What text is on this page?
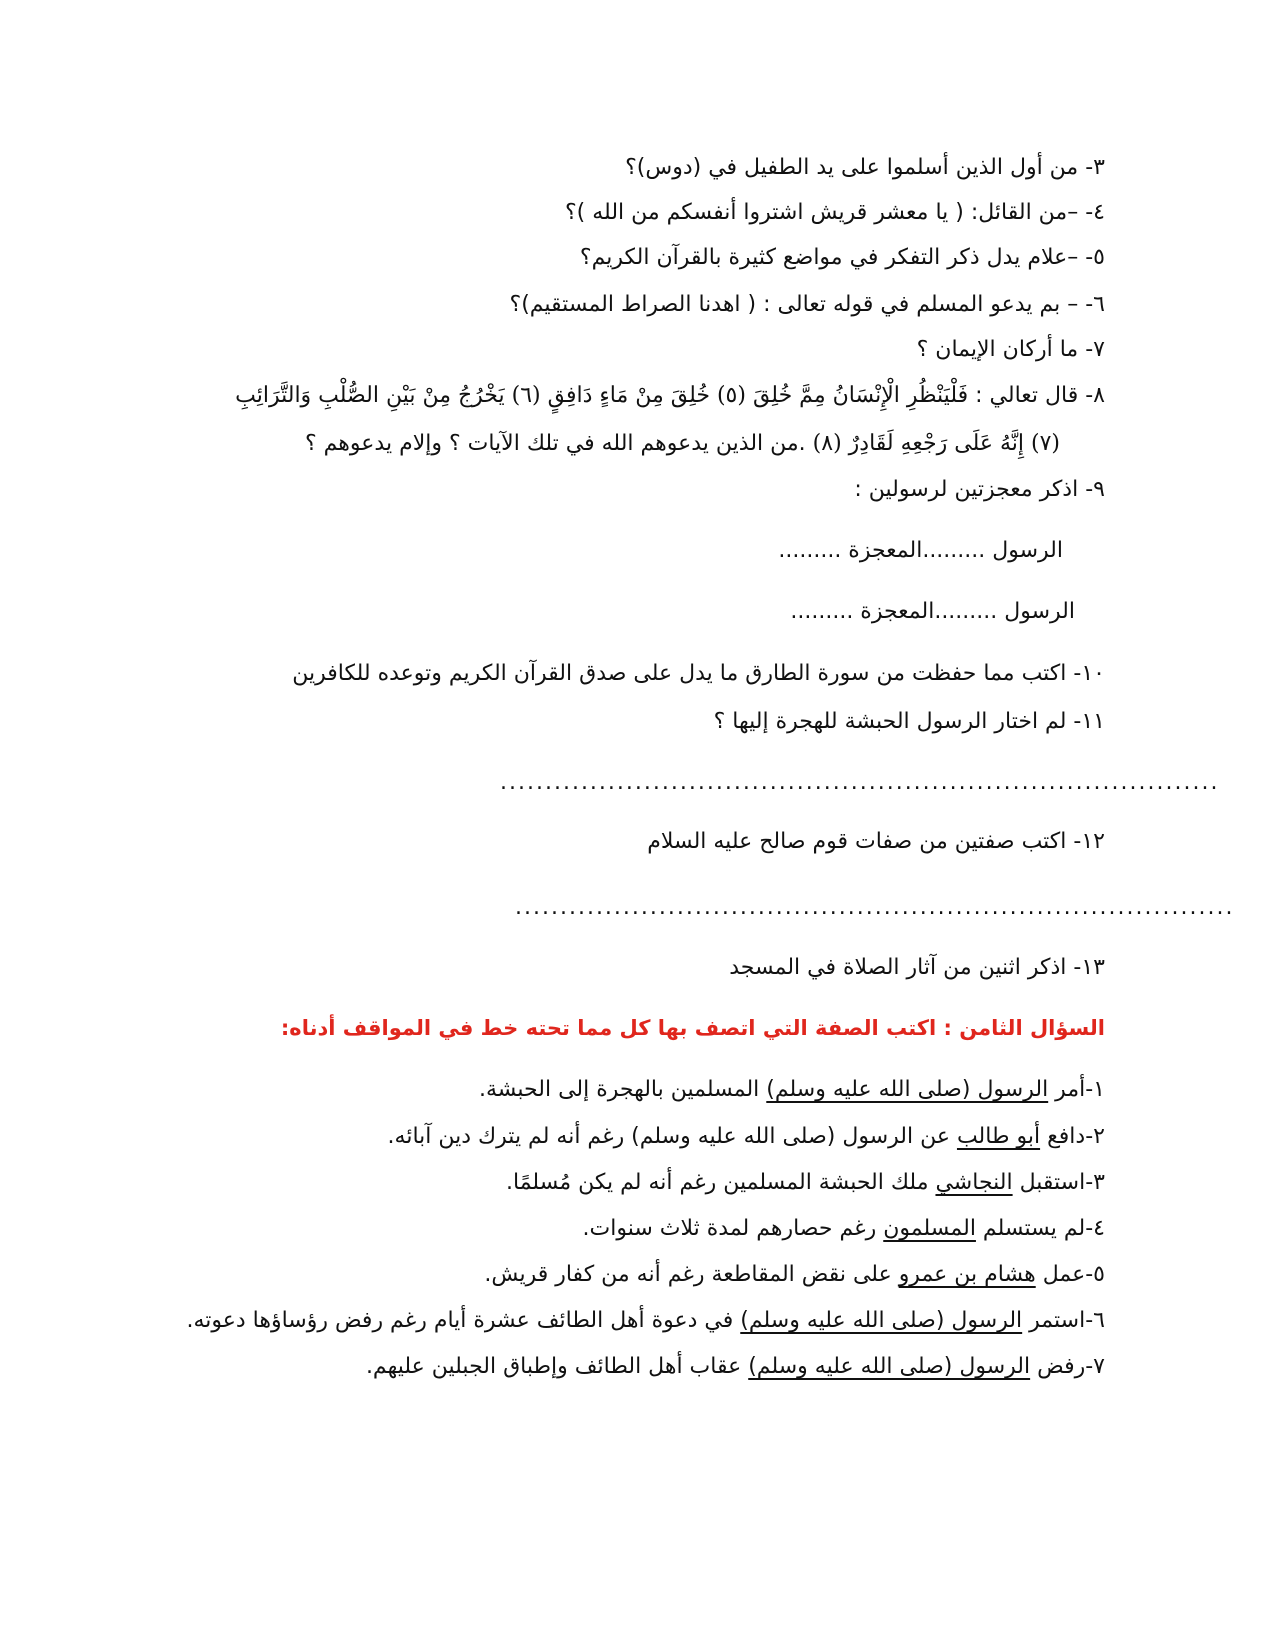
٣- من أول الذين أسلموا على يد الطفيل في (دوس)؟
٤- –من القائل: ( يا معشر قريش اشتروا أنفسكم من الله )؟
٥- –علام يدل ذكر التفكر في مواضع كثيرة بالقرآن الكريم؟
٦- – بم يدعو المسلم في قوله تعالى : ( اهدنا الصراط المستقيم)؟
٧- ما أركان الإيمان ؟
٨- قال تعالي : فَلْيَنْظُرِ الْإِنْسَانُ مِمَّ خُلِقَ (٥) خُلِقَ مِنْ مَاءٍ دَافِقٍ (٦) يَخْرُجُ مِنْ بَيْنِ الصُّلْبِ وَالتَّرَائِبِ
(٧) إِنَّهُ عَلَى رَجْعِهِ لَقَادِرٌ (٨) .من الذين يدعوهم الله في تلك الآيات ؟ وإلام يدعوهم ؟
٩- اذكر معجزتين لرسولين :
الرسول .........المعجزة .........
الرسول .........المعجزة .........
١٠- اكتب مما حفظت من سورة الطارق ما يدل على صدق القرآن الكريم وتوعده للكافرين
١١- لم اختار الرسول الحبشة للهجرة إليها ؟
................................................................................
١٢- اكتب صفتين من صفات قوم صالح عليه السلام
................................................................................
١٣- اذكر اثنين من آثار الصلاة في المسجد
السؤال الثامن : اكتب الصفة التي اتصف بها كل مما تحته خط في المواقف أدناه:
١-أمر الرسول (صلى الله عليه وسلم) المسلمين بالهجرة إلى الحبشة.
٢-دافع أبو طالب عن الرسول (صلى الله عليه وسلم) رغم أنه لم يترك دين آبائه.
٣-استقبل النجاشي ملك الحبشة المسلمين رغم أنه لم يكن مُسلمًا.
٤-لم يستسلم المسلمون رغم حصارهم لمدة ثلاث سنوات.
٥-عمل هشام بن عمرو على نقض المقاطعة رغم أنه من كفار قريش.
٦-استمر الرسول (صلى الله عليه وسلم) في دعوة أهل الطائف عشرة أيام رغم رفض رؤساؤها دعوته.
٧-رفض الرسول (صلى الله عليه وسلم) عقاب أهل الطائف وإطباق الجبلين عليهم.
